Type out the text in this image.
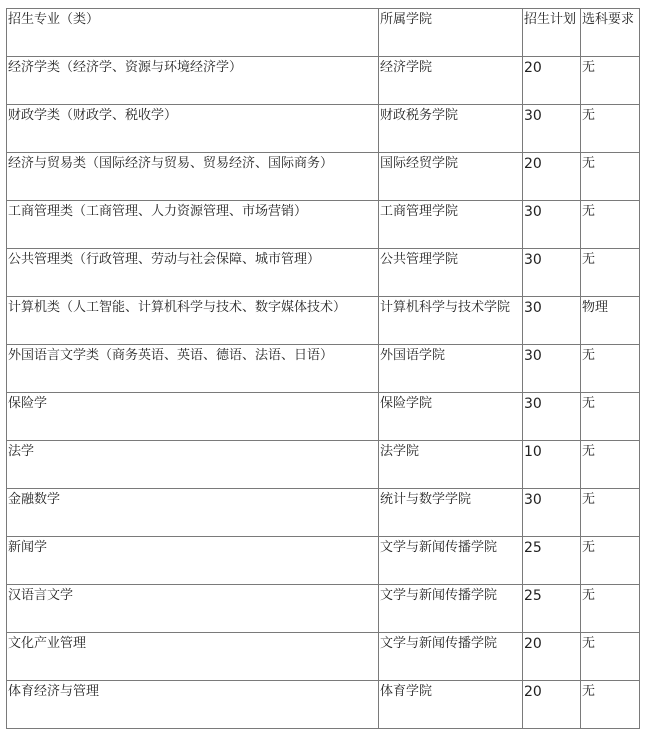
招生专业（类）	所属学院	招生计划	选科要求
经济学类（经济学、资源与环境经济学）	经济学院	20	无
财政学类（财政学、税收学）	财政税务学院	30	无
经济与贸易类（国际经济与贸易、贸易经济、国际商务）	国际经贸学院	20	无
工商管理类（工商管理、人力资源管理、市场营销）	工商管理学院	30	无
公共管理类（行政管理、劳动与社会保障、城市管理）	公共管理学院	30	无
计算机类（人工智能、计算机科学与技术、数字媒体技术）	计算机科学与技术学院	30	物理
外国语言文学类（商务英语、英语、德语、法语、日语）	外国语学院	30	无
保险学	保险学院	30	无
法学	法学院	10	无
金融数学	统计与数学学院	30	无
新闻学	文学与新闻传播学院	25	无
汉语言文学	文学与新闻传播学院	25	无
文化产业管理	文学与新闻传播学院	20	无
体育经济与管理	体育学院	20	无
